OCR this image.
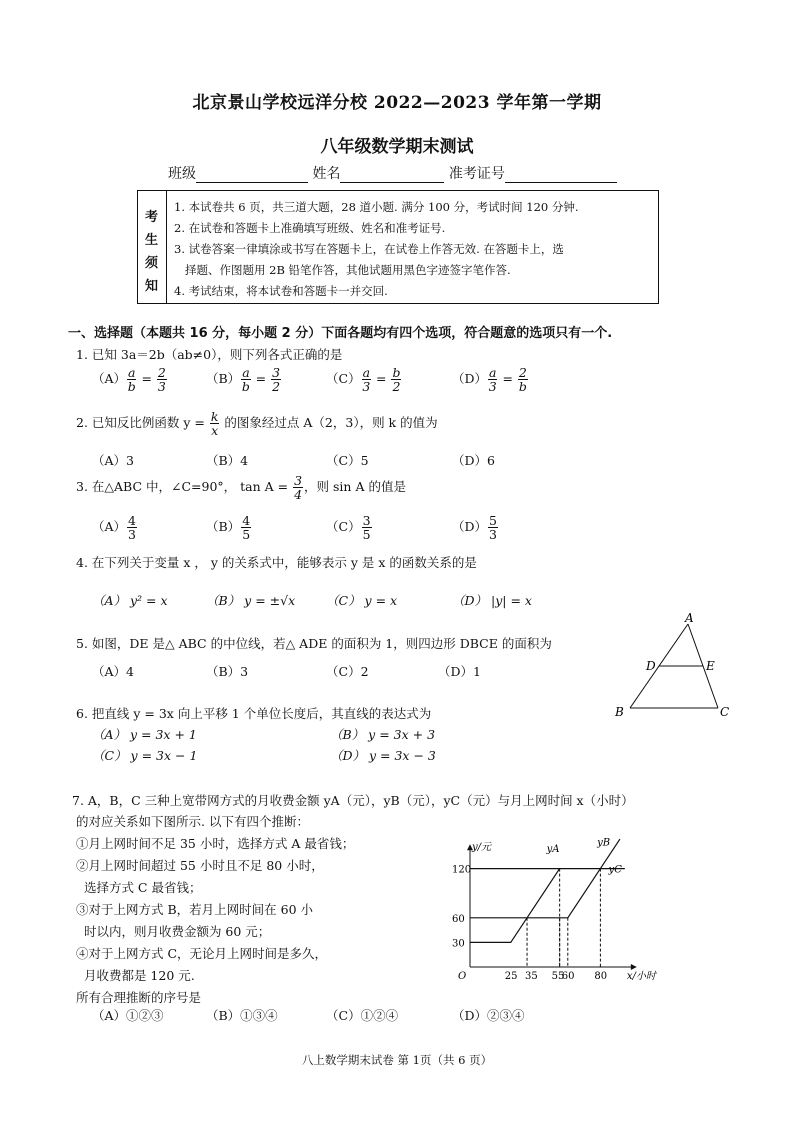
北京景山学校远洋分校 2022—2023 学年第一学期
八年级数学期末测试
班级	姓名	准考证号
考
生
须
知
1. 本试卷共 6 页，共三道大题，28 道小题. 满分 100 分，考试时间 120 分钟.
2. 在试卷和答题卡上准确填写班级、姓名和准考证号.
3. 试卷答案一律填涂或书写在答题卡上，在试卷上作答无效. 在答题卡上，选
择题、作图题用 2B 铅笔作答，其他试题用黑色字迹签字笔作答.
4. 考试结束，将本试卷和答题卡一并交回.
一、选择题（本题共 16 分，每小题 2 分）下面各题均有四个选项，符合题意的选项只有一个.
1. 已知 3a＝2b（ab≠0），则下列各式正确的是
$(A) \frac{a}{b} = \frac{2}{3}$	$(B) \frac{a}{b} = \frac{3}{2}$	$(C) \frac{a}{3} = \frac{b}{2}$	$(D) \frac{a}{3} = \frac{2}{b}$
2. 已知反比例函数 $y = \frac{k}{x}$ 的图象经过点 A（2，3），则 k 的值为
（A）3	（B）4	（C）5	（D）6
3. 在△ABC 中，∠C=90°， $\tan A = \frac{3}{4}$ ，则 sin A 的值是
$(A) \frac{4}{3}$	$(B) \frac{4}{5}$	$(C) \frac{3}{5}$	$(D) \frac{5}{3}$
4. 在下列关于变量 x ， y 的关系式中，能够表示 y 是 x 的函数关系的是
（A） y² = x	（B） y = ±√x （C） y = x	（D） |y| = x
5. 如图，DE 是△ ABC 的中位线，若△ ADE 的面积为 1，则四边形 DBCE 的面积为
（A）4	（B）3	（C）2	（D）1
A
D	E
B	C
6. 把直线 y = 3x 向上平移 1 个单位长度后，其直线的表达式为
（A） y = 3x + 1	（B） y = 3x + 3
（C） y = 3x − 1	（D） y = 3x − 3
7. A，B，C 三种上宽带网方式的月收费金额 yA（元），yB（元），yC（元）与月上网时间 x（小时）
的对应关系如下图所示. 以下有四个推断：
①月上网时间不足 35 小时，选择方式 A 最省钱；
②月上网时间超过 55 小时且不足 80 小时，
选择方式 C 最省钱；
③对于上网方式 B，若月上网时间在 60 小
时以内，则月收费金额为 60 元；
④对于上网方式 C，无论月上网时间是多久，
月收费都是 120 元.
所有合理推断的序号是
（A）①②③	（B）①③④	（C）①②④	（D）②③④
y/元
x/小时
O
30
60
120
25 35 55
60 80
yA
yB
yC
八上数学期末试卷 第 1页（共 6 页）
